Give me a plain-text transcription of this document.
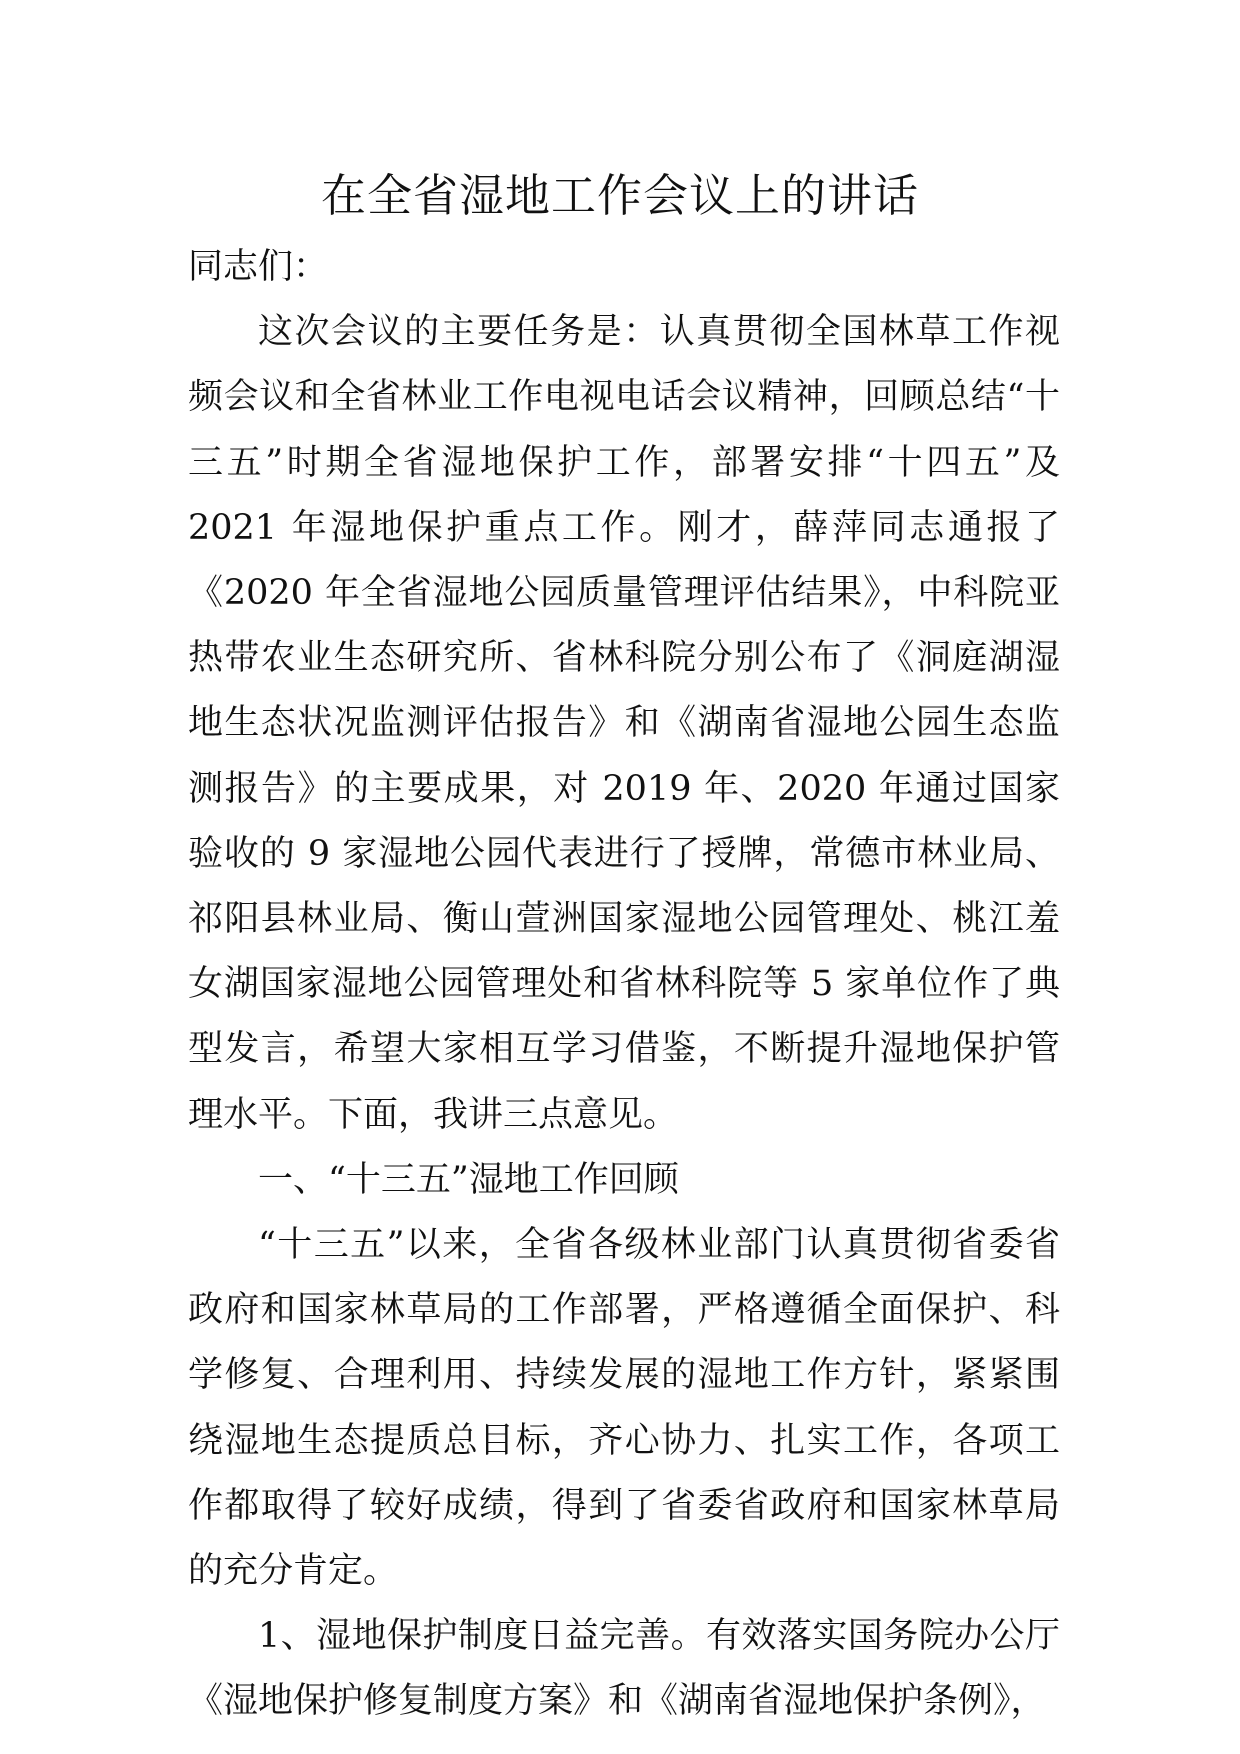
在全省湿地工作会议上的讲话

同志们：

这次会议的主要任务是：认真贯彻全国林草工作视频会议和全省林业工作电视电话会议精神，回顾总结“十三五”时期全省湿地保护工作，部署安排“十四五”及 2021 年湿地保护重点工作。刚才，薛萍同志通报了《2020 年全省湿地公园质量管理评估结果》，中科院亚热带农业生态研究所、省林科院分别公布了《洞庭湖湿地生态状况监测评估报告》和《湖南省湿地公园生态监测报告》的主要成果，对 2019 年、2020 年通过国家验收的 9 家湿地公园代表进行了授牌，常德市林业局、祁阳县林业局、衡山萱洲国家湿地公园管理处、桃江羞女湖国家湿地公园管理处和省林科院等 5 家单位作了典型发言，希望大家相互学习借鉴，不断提升湿地保护管理水平。下面，我讲三点意见。

一、“十三五”湿地工作回顾

“十三五”以来，全省各级林业部门认真贯彻省委省政府和国家林草局的工作部署，严格遵循全面保护、科学修复、合理利用、持续发展的湿地工作方针，紧紧围绕湿地生态提质总目标，齐心协力、扎实工作，各项工作都取得了较好成绩，得到了省委省政府和国家林草局的充分肯定。

1、湿地保护制度日益完善。有效落实国务院办公厅《湿地保护修复制度方案》和《湖南省湿地保护条例》，
